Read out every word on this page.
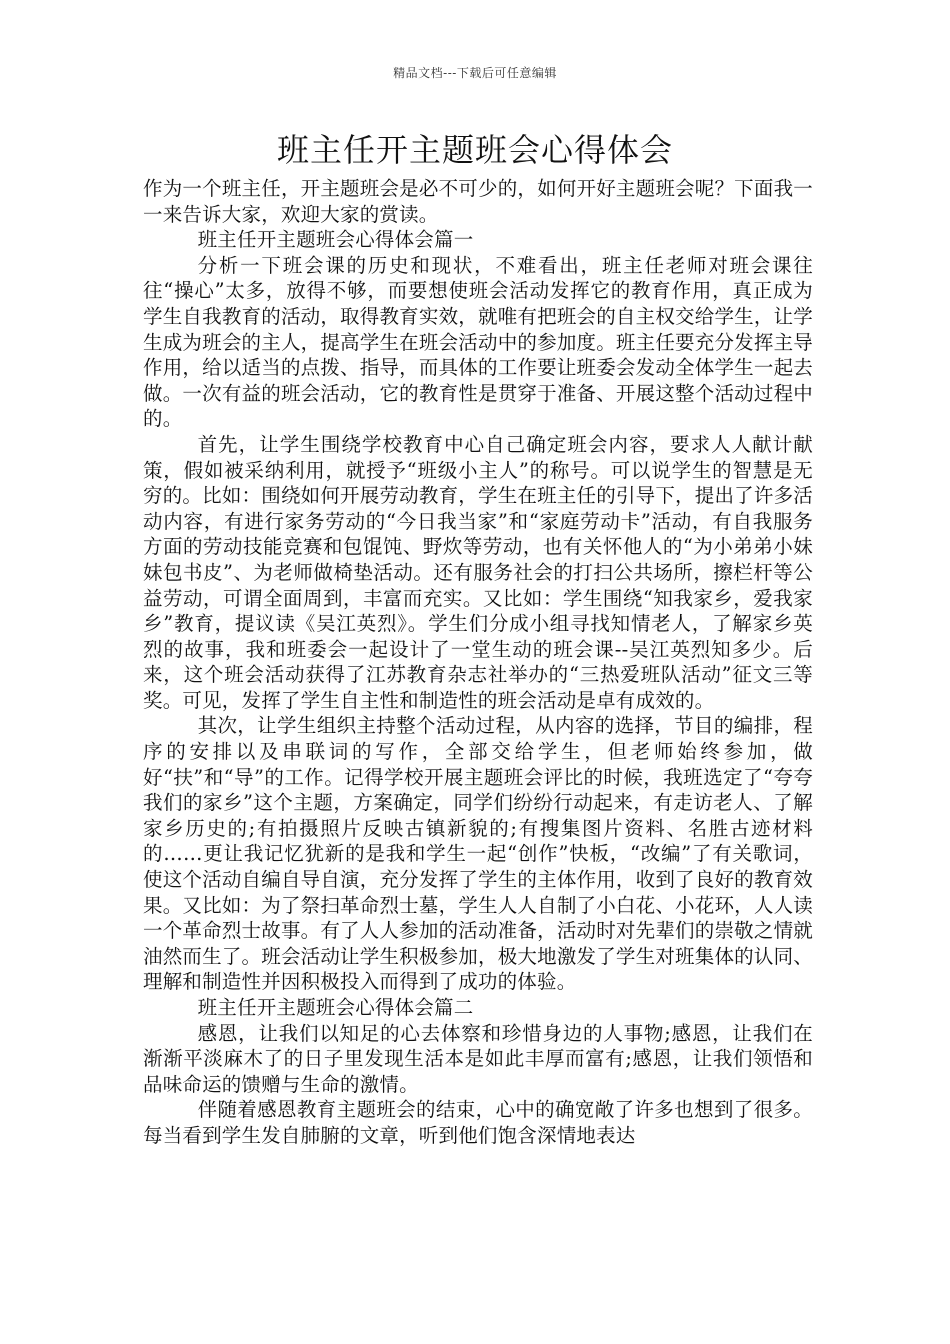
精品文档---下载后可任意编辑
班主任开主题班会心得体会

作为一个班主任，开主题班会是必不可少的，如何开好主题班会呢？下面我一一来告诉大家，欢迎大家的赏读。

班主任开主题班会心得体会篇一

分析一下班会课的历史和现状，不难看出，班主任老师对班会课往往“操心”太多，放得不够，而要想使班会活动发挥它的教育作用，真正成为学生自我教育的活动，取得教育实效，就唯有把班会的自主权交给学生，让学生成为班会的主人，提高学生在班会活动中的参加度。班主任要充分发挥主导作用，给以适当的点拨、指导，而具体的工作要让班委会发动全体学生一起去做。一次有益的班会活动，它的教育性是贯穿于准备、开展这整个活动过程中的。

首先，让学生围绕学校教育中心自己确定班会内容，要求人人献计献策，假如被采纳利用，就授予“班级小主人”的称号。可以说学生的智慧是无穷的。比如：围绕如何开展劳动教育，学生在班主任的引导下，提出了许多活动内容，有进行家务劳动的“今日我当家”和“家庭劳动卡”活动，有自我服务方面的劳动技能竞赛和包馄饨、野炊等劳动，也有关怀他人的“为小弟弟小妹妹包书皮”、为老师做椅垫活动。还有服务社会的打扫公共场所，擦栏杆等公益劳动，可谓全面周到，丰富而充实。又比如：学生围绕“知我家乡，爱我家乡”教育，提议读《吴江英烈》。学生们分成小组寻找知情老人，了解家乡英烈的故事，我和班委会一起设计了一堂生动的班会课--吴江英烈知多少。后来，这个班会活动获得了江苏教育杂志社举办的“三热爱班队活动”征文三等奖。可见，发挥了学生自主性和制造性的班会活动是卓有成效的。

其次，让学生组织主持整个活动过程，从内容的选择，节目的编排，程序的安排以及串联词的写作，全部交给学生，但老师始终参加，做好“扶”和“导”的工作。记得学校开展主题班会评比的时候，我班选定了“夸夸我们的家乡”这个主题，方案确定，同学们纷纷行动起来，有走访老人、了解家乡历史的;有拍摄照片反映古镇新貌的;有搜集图片资料、名胜古迹材料的……更让我记忆犹新的是我和学生一起“创作”快板，“改编”了有关歌词，使这个活动自编自导自演，充分发挥了学生的主体作用，收到了良好的教育效果。又比如：为了祭扫革命烈士墓，学生人人自制了小白花、小花环，人人读一个革命烈士故事。有了人人参加的活动准备，活动时对先辈们的崇敬之情就油然而生了。班会活动让学生积极参加，极大地激发了学生对班集体的认同、理解和制造性并因积极投入而得到了成功的体验。

班主任开主题班会心得体会篇二

感恩，让我们以知足的心去体察和珍惜身边的人事物;感恩，让我们在渐渐平淡麻木了的日子里发现生活本是如此丰厚而富有;感恩，让我们领悟和品味命运的馈赠与生命的激情。

伴随着感恩教育主题班会的结束，心中的确宽敞了许多也想到了很多。每当看到学生发自肺腑的文章，听到他们饱含深情地表达
